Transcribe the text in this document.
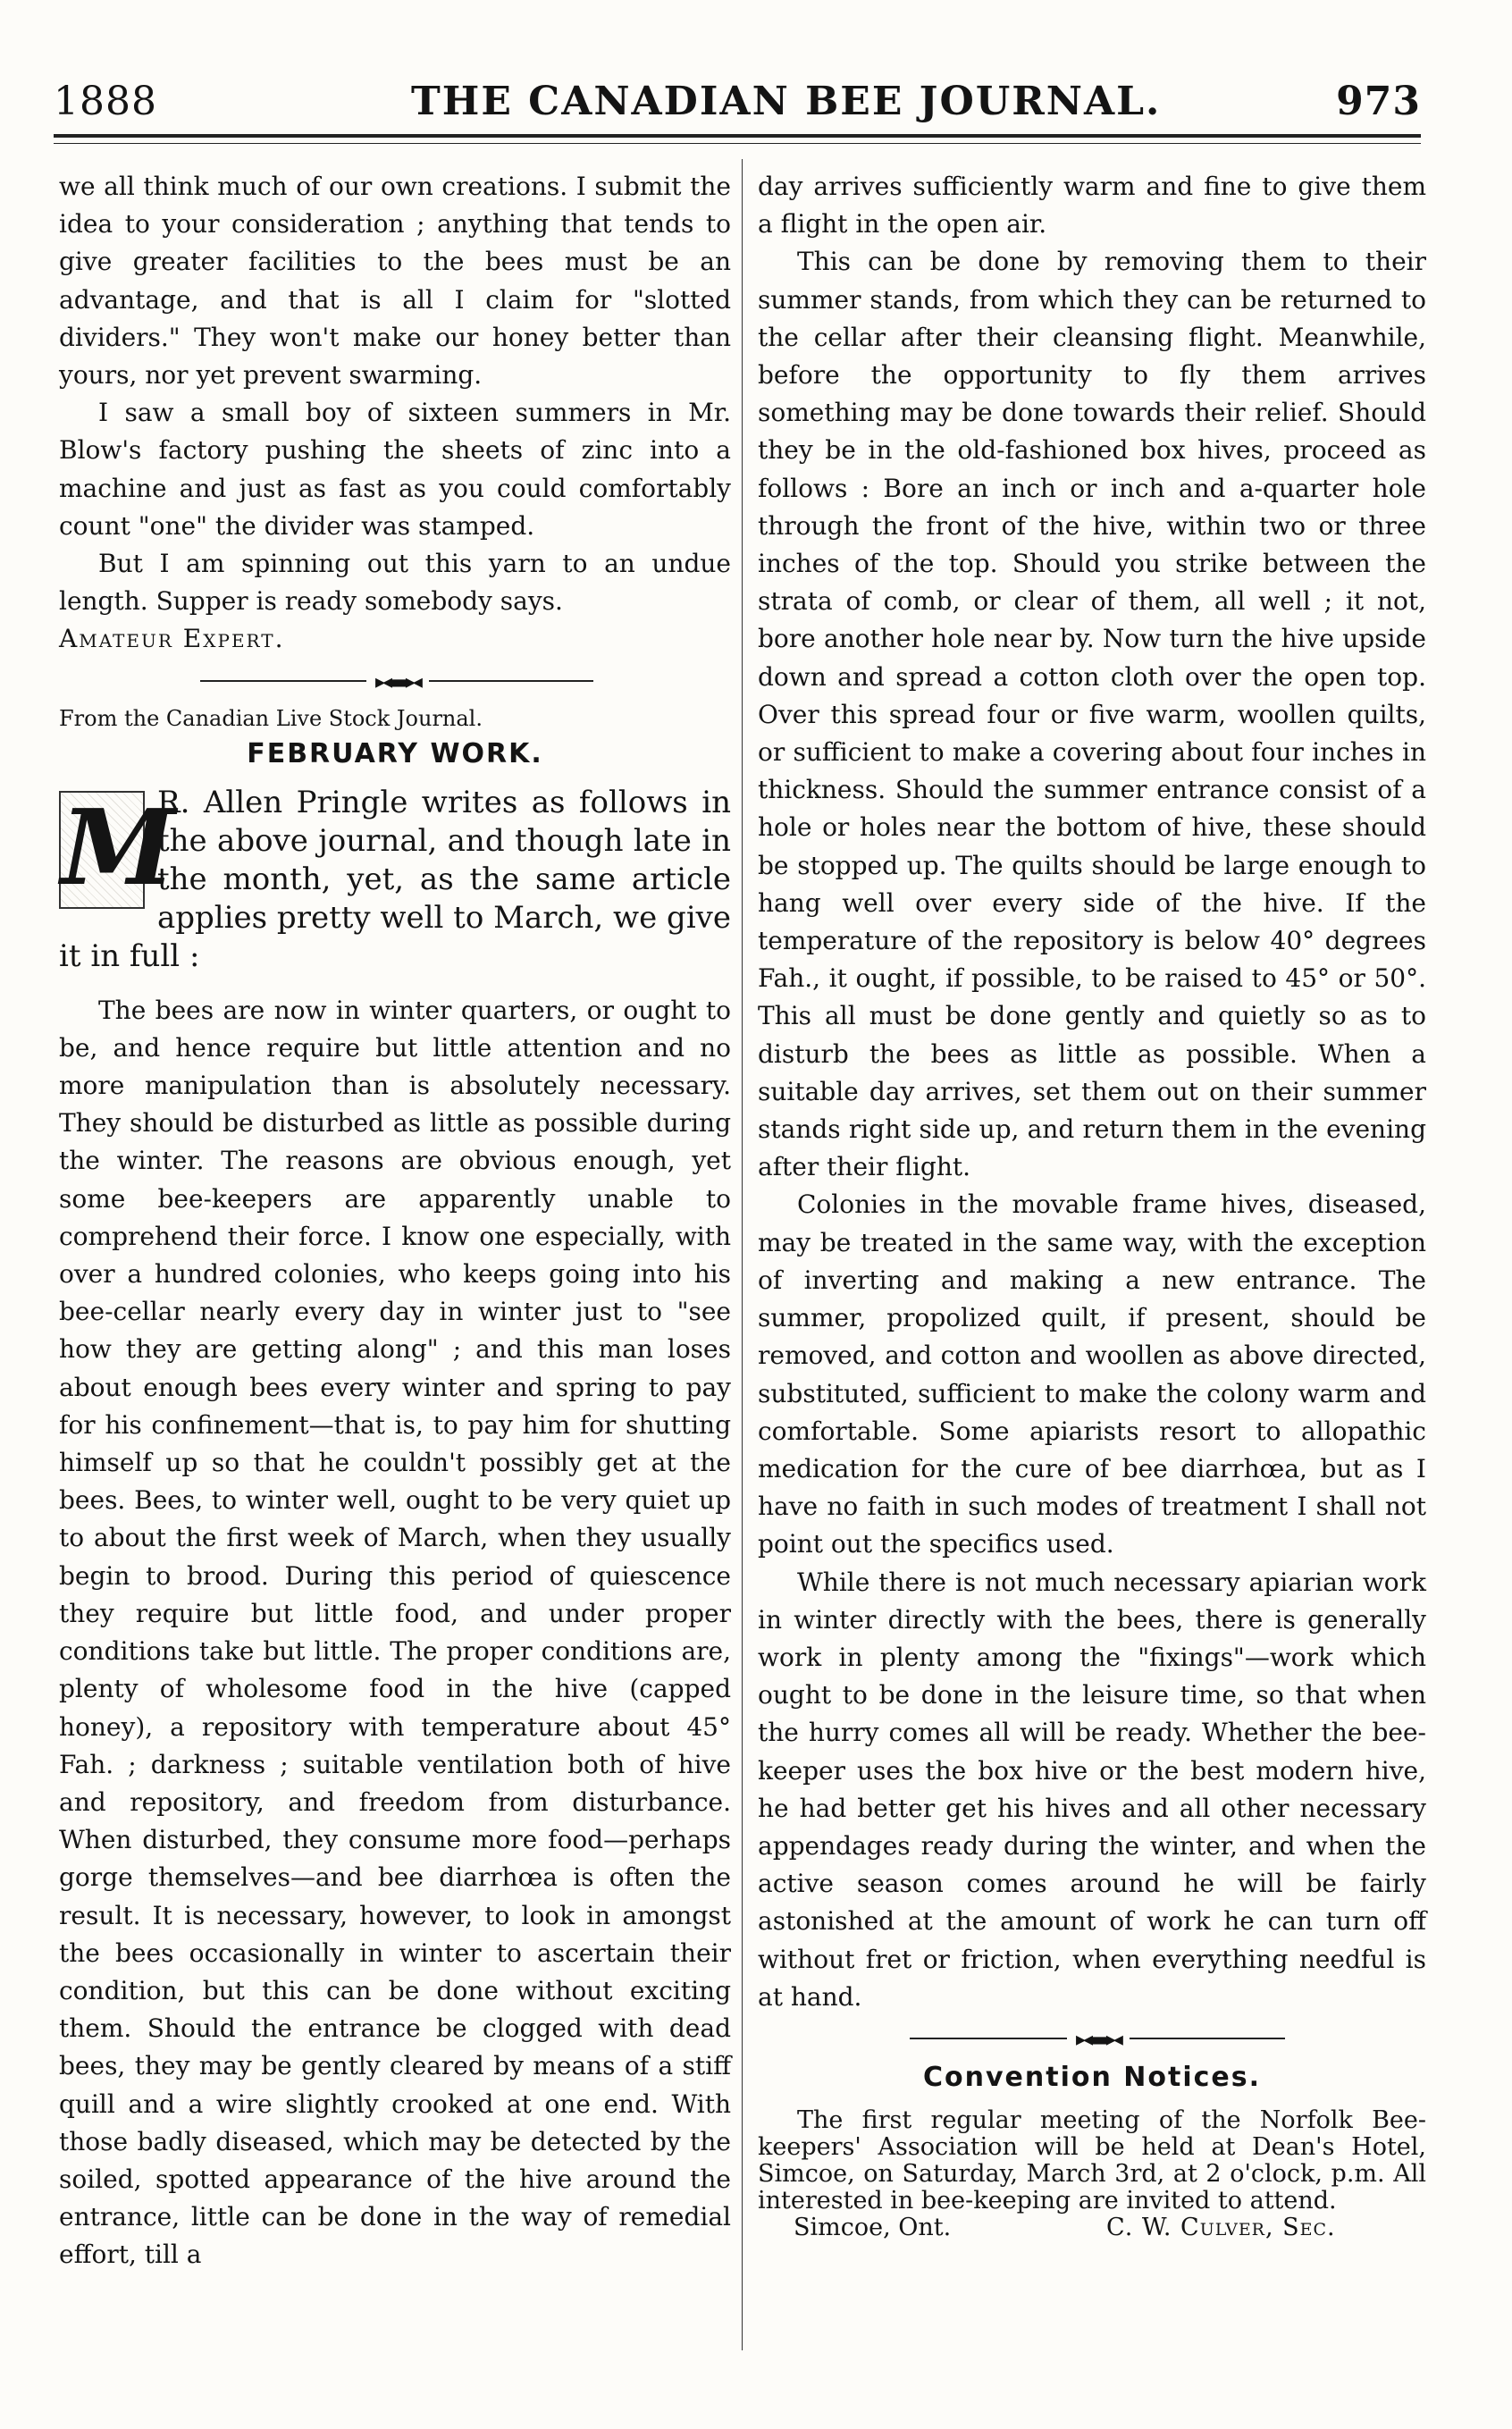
1888	THE CANADIAN BEE JOURNAL.	973

we all think much of our own creations. I submit the idea to your consideration ; anything that tends to give greater facilities to the bees must be an advantage, and that is all I claim for "slotted dividers." They won't make our honey better than yours, nor yet prevent swarming.

I saw a small boy of sixteen summers in Mr. Blow's factory pushing the sheets of zinc into a machine and just as fast as you could comfortably count "one" the divider was stamped.

But I am spinning out this yarn to an undue length. Supper is ready somebody says.

Amateur Expert.

▸◂▬▸◂

From the Canadian Live Stock Journal.

FEBRUARY WORK.

M
R. Allen Pringle writes as follows in the above journal, and though late in the month, yet, as the same article applies pretty well to March, we give it in full :

The bees are now in winter quarters, or ought to be, and hence require but little attention and no more manipulation than is absolutely necessary. They should be disturbed as little as possible during the winter. The reasons are obvious enough, yet some bee-keepers are apparently unable to comprehend their force. I know one especially, with over a hundred colonies, who keeps going into his bee-cellar nearly every day in winter just to "see how they are getting along" ; and this man loses about enough bees every winter and spring to pay for his confinement—that is, to pay him for shutting himself up so that he couldn't possibly get at the bees. Bees, to winter well, ought to be very quiet up to about the first week of March, when they usually begin to brood. During this period of quiescence they require but little food, and under proper conditions take but little. The proper conditions are, plenty of wholesome food in the hive (capped honey), a repository with temperature about 45° Fah. ; darkness ; suitable ventilation both of hive and repository, and freedom from disturbance. When disturbed, they consume more food—perhaps gorge themselves—and bee diarrhœa is often the result. It is necessary, however, to look in amongst the bees occasionally in winter to ascertain their condition, but this can be done without exciting them. Should the entrance be clogged with dead bees, they may be gently cleared by means of a stiff quill and a wire slightly crooked at one end. With those badly diseased, which may be detected by the soiled, spotted appearance of the hive around the entrance, little can be done in the way of remedial effort, till a

day arrives sufficiently warm and fine to give them a flight in the open air.

This can be done by removing them to their summer stands, from which they can be returned to the cellar after their cleansing flight. Meanwhile, before the opportunity to fly them arrives something may be done towards their relief. Should they be in the old-fashioned box hives, proceed as follows : Bore an inch or inch and a-quarter hole through the front of the hive, within two or three inches of the top. Should you strike between the strata of comb, or clear of them, all well ; it not, bore another hole near by. Now turn the hive upside down and spread a cotton cloth over the open top. Over this spread four or five warm, woollen quilts, or sufficient to make a covering about four inches in thickness. Should the summer entrance consist of a hole or holes near the bottom of hive, these should be stopped up. The quilts should be large enough to hang well over every side of the hive. If the temperature of the repository is below 40° degrees Fah., it ought, if possible, to be raised to 45° or 50°. This all must be done gently and quietly so as to disturb the bees as little as possible. When a suitable day arrives, set them out on their summer stands right side up, and return them in the evening after their flight.

Colonies in the movable frame hives, diseased, may be treated in the same way, with the exception of inverting and making a new entrance. The summer, propolized quilt, if present, should be removed, and cotton and woollen as above directed, substituted, sufficient to make the colony warm and comfortable. Some apiarists resort to allopathic medication for the cure of bee diarrhœa, but as I have no faith in such modes of treatment I shall not point out the specifics used.

While there is not much necessary apiarian work in winter directly with the bees, there is generally work in plenty among the "fixings"—work which ought to be done in the leisure time, so that when the hurry comes all will be ready. Whether the bee-keeper uses the box hive or the best modern hive, he had better get his hives and all other necessary appendages ready during the winter, and when the active season comes around he will be fairly astonished at the amount of work he can turn off without fret or friction, when everything needful is at hand.

▸◂▬▸◂
Convention Notices.

The first regular meeting of the Norfolk Bee-keepers' Association will be held at Dean's Hotel, Simcoe, on Saturday, March 3rd, at 2 o'clock, p.m. All interested in bee-keeping are invited to attend.

Simcoe, Ont.	C. W. Culver, Sec.
